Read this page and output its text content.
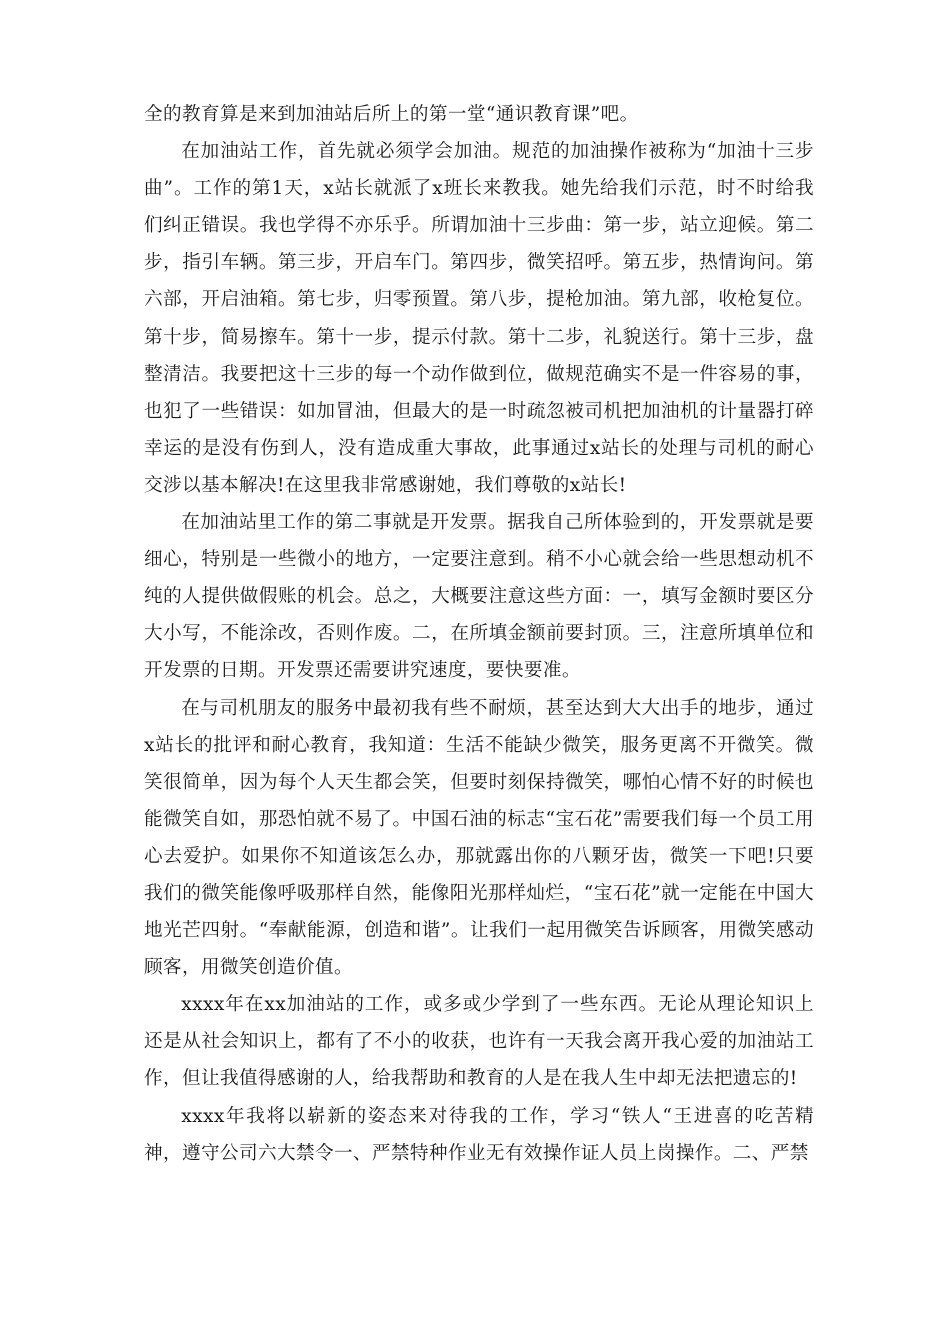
全的教育算是来到加油站后所上的第一堂“通识教育课”吧。

在加油站工作，首先就必须学会加油。规范的加油操作被称为“加油十三步曲”。工作的第1天，x站长就派了x班长来教我。她先给我们示范，时不时给我们纠正错误。我也学得不亦乐乎。所谓加油十三步曲：第一步，站立迎候。第二步，指引车辆。第三步，开启车门。第四步，微笑招呼。第五步，热情询问。第六部，开启油箱。第七步，归零预置。第八步，提枪加油。第九部，收枪复位。第十步，简易擦车。第十一步，提示付款。第十二步，礼貌送行。第十三步，盘整清洁。我要把这十三步的每一个动作做到位，做规范确实不是一件容易的事，也犯了一些错误：如加冒油，但最大的是一时疏忽被司机把加油机的计量器打碎幸运的是没有伤到人，没有造成重大事故，此事通过x站长的处理与司机的耐心交涉以基本解决!在这里我非常感谢她，我们尊敬的x站长!

在加油站里工作的第二事就是开发票。据我自己所体验到的，开发票就是要细心，特别是一些微小的地方，一定要注意到。稍不小心就会给一些思想动机不纯的人提供做假账的机会。总之，大概要注意这些方面：一，填写金额时要区分大小写，不能涂改，否则作废。二，在所填金额前要封顶。三，注意所填单位和开发票的日期。开发票还需要讲究速度，要快要准。

在与司机朋友的服务中最初我有些不耐烦，甚至达到大大出手的地步，通过x站长的批评和耐心教育，我知道：生活不能缺少微笑，服务更离不开微笑。微笑很简单，因为每个人天生都会笑，但要时刻保持微笑，哪怕心情不好的时候也能微笑自如，那恐怕就不易了。中国石油的标志“宝石花”需要我们每一个员工用心去爱护。如果你不知道该怎么办，那就露出你的八颗牙齿，微笑一下吧!只要我们的微笑能像呼吸那样自然，能像阳光那样灿烂，“宝石花”就一定能在中国大地光芒四射。“奉献能源，创造和谐”。让我们一起用微笑告诉顾客，用微笑感动顾客，用微笑创造价值。

xxxx年在xx加油站的工作，或多或少学到了一些东西。无论从理论知识上还是从社会知识上，都有了不小的收获，也许有一天我会离开我心爱的加油站工作，但让我值得感谢的人，给我帮助和教育的人是在我人生中却无法把遗忘的!

xxxx年我将以崭新的姿态来对待我的工作，学习“铁人“王进喜的吃苦精神，遵守公司六大禁令一、严禁特种作业无有效操作证人员上岗操作。二、严禁
